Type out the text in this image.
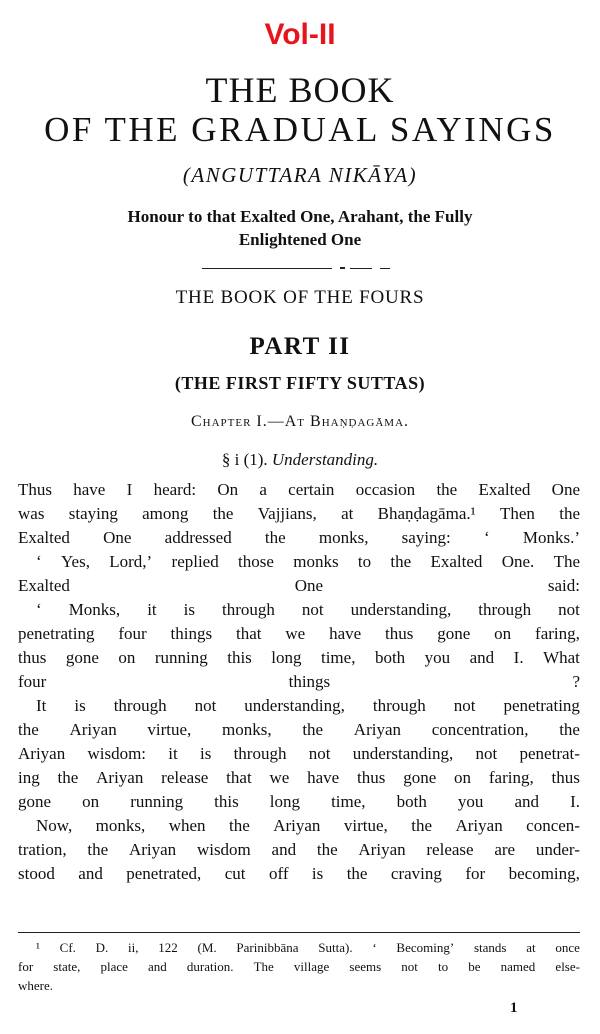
Vol-II
THE BOOK
OF THE GRADUAL SAYINGS
(ANGUTTARA NIKĀYA)
Honour to that Exalted One, Arahant, the Fully
Enlightened One
THE BOOK OF THE FOURS
PART II
(THE FIRST FIFTY SUTTAS)
Chapter I.—At Bhaṇḍagāma.
§ i (1). Understanding.
Thus have I heard: On a certain occasion the Exalted One
was staying among the Vajjians, at Bhaṇḍagāma.¹ Then the
Exalted One addressed the monks, saying: ‘ Monks.’
‘ Yes, Lord,’ replied those monks to the Exalted One. The
Exalted One said:
‘ Monks, it is through not understanding, through not
penetrating four things that we have thus gone on faring,
thus gone on running this long time, both you and I. What
four things ?
It is through not understanding, through not penetrating
the Ariyan virtue, monks, the Ariyan concentration, the
Ariyan wisdom: it is through not understanding, not penetrat-
ing the Ariyan release that we have thus gone on faring, thus
gone on running this long time, both you and I.
Now, monks, when the Ariyan virtue, the Ariyan concen-
tration, the Ariyan wisdom and the Ariyan release are under-
stood and penetrated, cut off is the craving for becoming,
¹ Cf. D. ii, 122 (M. Parinibbāna Sutta). ‘ Becoming’ stands at once
for state, place and duration. The village seems not to be named else-
where.
1
